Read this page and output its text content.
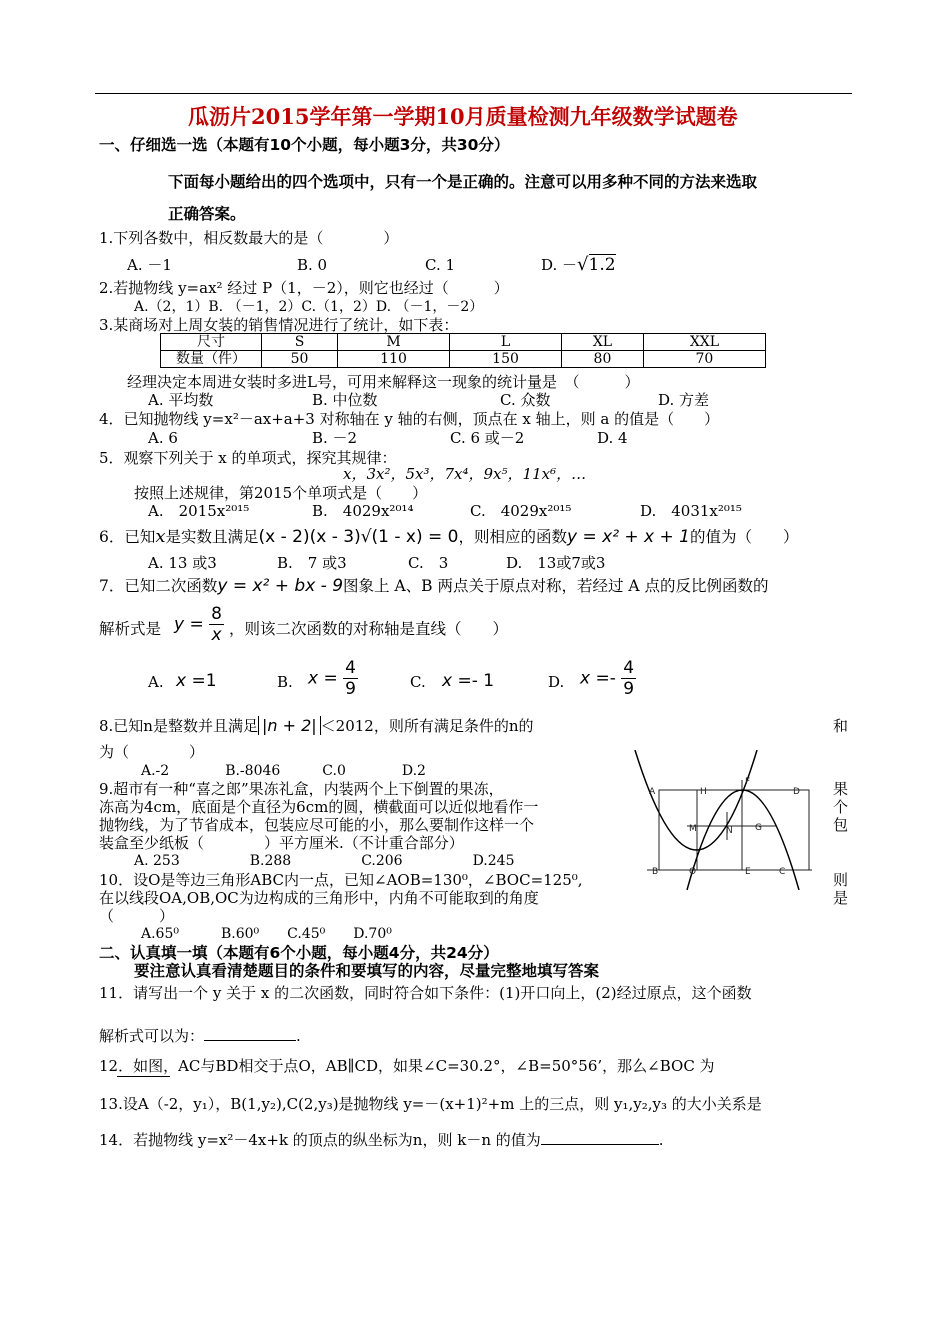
瓜沥片2015学年第一学期10月质量检测九年级数学试题卷
一、仔细选一选（本题有10个小题，每小题3分，共30分）
下面每小题给出的四个选项中，只有一个是正确的。注意可以用多种不同的方法来选取
正确答案。
1.下列各数中，相反数最大的是（　　　　）
A. －1	B. 0	C. 1	D. －√1.2
2.若抛物线 y=ax² 经过 P（1，－2），则它也经过（　　　）
A.（2，1）B. （－1，2）C.（1，2）D. （－1，－2）
3.某商场对上周女装的销售情况进行了统计，如下表：
尺寸	S	M	L	XL	XXL
数量（件）	50	110	150	80	70
经理决定本周进女装时多进L号，可用来解释这一现象的统计量是　（　　　）
A. 平均数	B. 中位数	C. 众数	D. 方差
4．已知抛物线 y=x²－ax+a+3 对称轴在 y 轴的右侧，顶点在 x 轴上，则 a 的值是（　　）
A. 6	B. －2	C. 6 或－2	D. 4
5．观察下列关于 x 的单项式，探究其规律：
x，3x²，5x³，7x⁴，9x⁵，11x⁶，…
按照上述规律，第2015个单项式是（　　）
A.　2015x²⁰¹⁵	B.　4029x²⁰¹⁴	C.　4029x²⁰¹⁵	D.　4031x²⁰¹⁵
6．已知x是实数且满足(x - 2)(x - 3)√(1 - x) = 0，则相应的函数y = x² + x + 1的值为（　　）
A. 13 或3	B.　7 或3	C.　3	D.　13或7或3
7．已知二次函数y = x² + bx - 9图象上 A、B 两点关于原点对称，若经过 A 点的反比例函数的
解析式是 $y = \frac{8}{x}$ ，则该二次函数的对称轴是直线（　　）
A. x =1	B. $x = \frac{4}{9}$	C. x =- 1	D. $x =- \frac{4}{9}$
8.已知n是整数并且满足 |n + 2| ＜2012，则所有满足条件的n的	和
为（　　　　）
A.-2　　　　B.-8046　　　C.0　　　　D.2
9.超市有一种“喜之郎”果冻礼盒，内装两个上下倒置的果冻，
冻高为4cm，底面是个直径为6cm的圆，横截面可以近似地看作一
抛物线，为了节省成本，包装应尽可能的小，那么要制作这样一个
装盒至少纸板（　　　　）平方厘米.（不计重合部分）
果
个
包
A. 253　　　　　B.288　　　　　C.206　　　　　D.245
10．设O是等边三角形ABC内一点，已知∠AOB=130⁰，∠BOC=125⁰,	则
在以线段OA,OB,OC为边构成的三角形中，内角不可能取到的角度	是
（　　　）
A.65⁰　　　B.60⁰　　C.45⁰　　D.70⁰
A	H
F
D
M	N G
B	O	E	C
二、认真填一填（本题有6个小题，每小题4分，共24分）
要注意认真看清楚题目的条件和要填写的内容，尽量完整地填写答案
11．请写出一个 y 关于 x 的二次函数，同时符合如下条件：(1)开口向上，(2)经过原点，这个函数
解析式可以为：	.
12．如图，AC与BD相交于点O，AB∥CD，如果∠C=30.2°，∠B=50°56’，那么∠BOC 为
13.设A（-2，y₁），B(1,y₂),C(2,y₃)是抛物线 y=－(x+1)²+m 上的三点，则 y₁,y₂,y₃ 的大小关系是
14．若抛物线 y=x²－4x+k 的顶点的纵坐标为n，则 k－n 的值为	.
